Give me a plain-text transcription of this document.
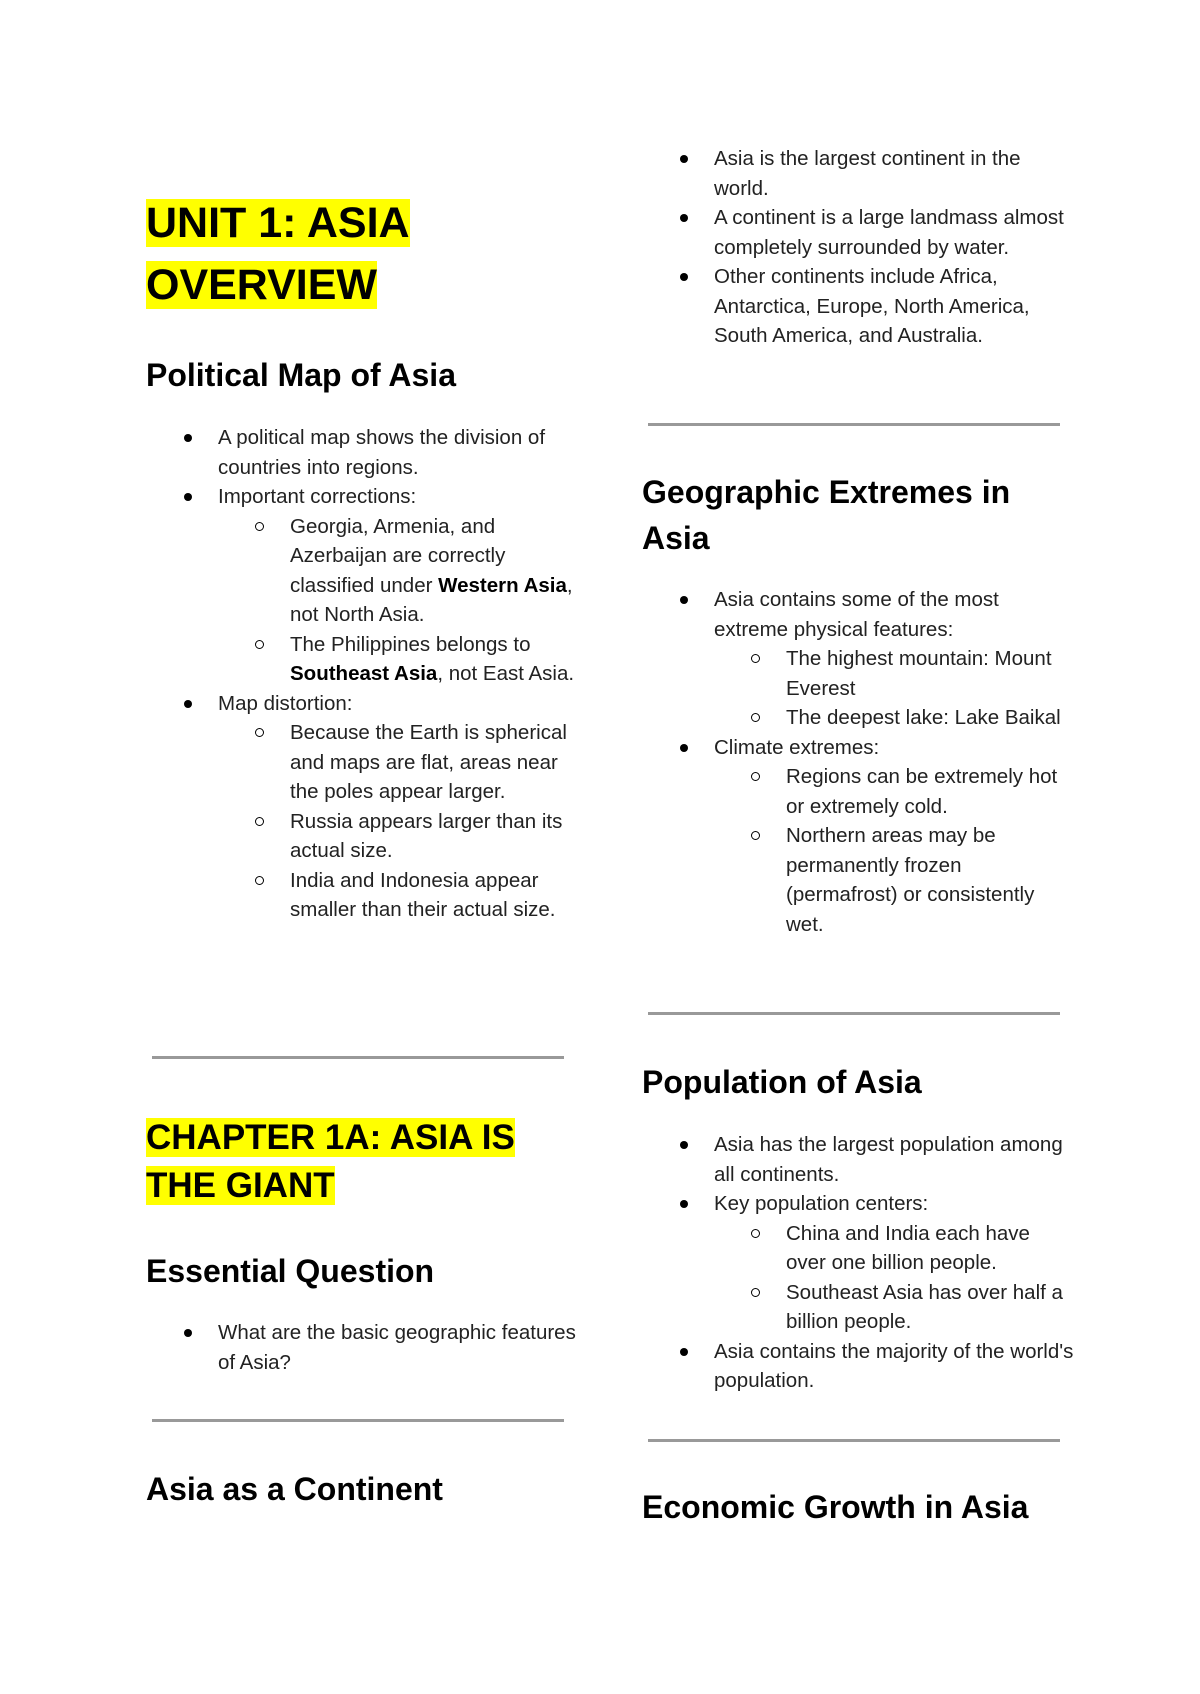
UNIT 1: ASIA OVERVIEW
Political Map of Asia
A political map shows the division of countries into regions.
Important corrections:
Georgia, Armenia, and Azerbaijan are correctly classified under Western Asia, not North Asia.
The Philippines belongs to Southeast Asia, not East Asia.
Map distortion:
Because the Earth is spherical and maps are flat, areas near the poles appear larger.
Russia appears larger than its actual size.
India and Indonesia appear smaller than their actual size.
CHAPTER 1A: ASIA IS THE GIANT
Essential Question
What are the basic geographic features of Asia?
Asia as a Continent
Asia is the largest continent in the world.
A continent is a large landmass almost completely surrounded by water.
Other continents include Africa, Antarctica, Europe, North America, South America, and Australia.
Geographic Extremes in Asia
Asia contains some of the most extreme physical features:
The highest mountain: Mount Everest
The deepest lake: Lake Baikal
Climate extremes:
Regions can be extremely hot or extremely cold.
Northern areas may be permanently frozen (permafrost) or consistently wet.
Population of Asia
Asia has the largest population among all continents.
Key population centers:
China and India each have over one billion people.
Southeast Asia has over half a billion people.
Asia contains the majority of the world's population.
Economic Growth in Asia
